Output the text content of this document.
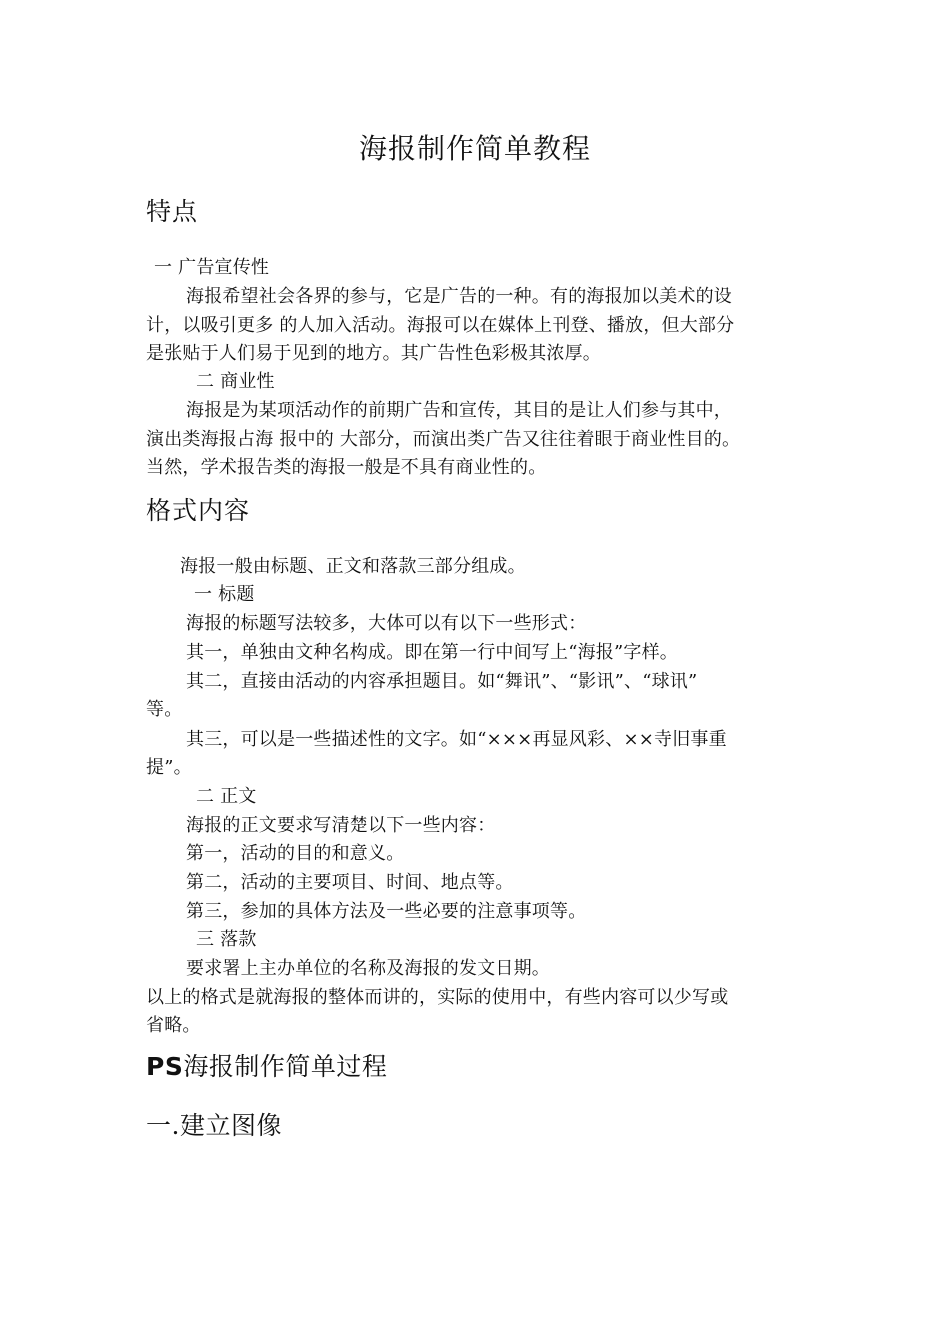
海报制作简单教程
特点
一 广告宣传性
海报希望社会各界的参与，它是广告的一种。有的海报加以美术的设
计，以吸引更多 的人加入活动。海报可以在媒体上刊登、播放，但大部分
是张贴于人们易于见到的地方。其广告性色彩极其浓厚。
二 商业性
海报是为某项活动作的前期广告和宣传，其目的是让人们参与其中，
演出类海报占海 报中的 大部分，而演出类广告又往往着眼于商业性目的。
当然，学术报告类的海报一般是不具有商业性的。
格式内容
海报一般由标题、正文和落款三部分组成。
一 标题
海报的标题写法较多，大体可以有以下一些形式：
其一，单独由文种名构成。即在第一行中间写上“海报”字样。
其二，直接由活动的内容承担题目。如“舞讯”、“影讯”、“球讯”
等。
其三，可以是一些描述性的文字。如“×××再显风彩、××寺旧事重
提”。
二 正文
海报的正文要求写清楚以下一些内容：
第一，活动的目的和意义。
第二，活动的主要项目、时间、地点等。
第三，参加的具体方法及一些必要的注意事项等。
三 落款
要求署上主办单位的名称及海报的发文日期。
以上的格式是就海报的整体而讲的，实际的使用中，有些内容可以少写或
省略。
PS海报制作简单过程
一.建立图像
